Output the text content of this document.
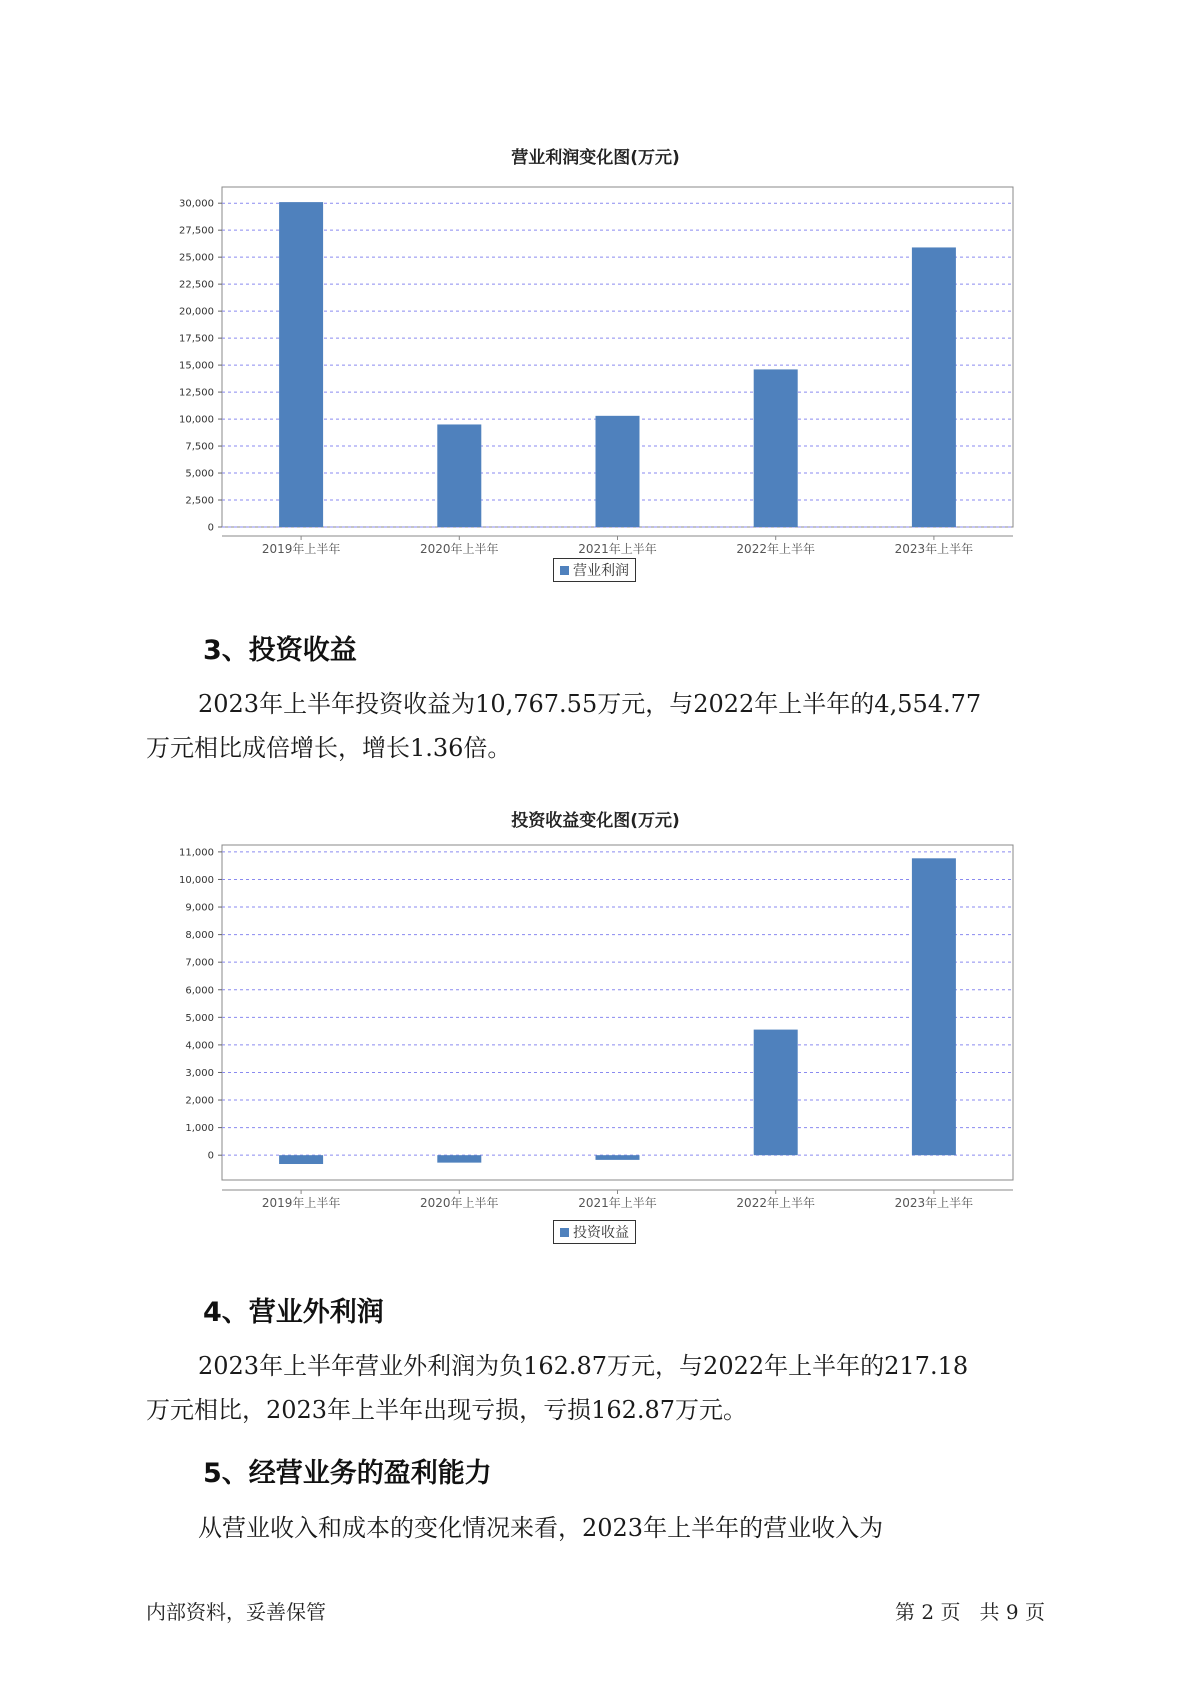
营业利润变化图(万元)
0
2,500
5,000
7,500
10,000
12,500
15,000
17,500
20,000
22,500
25,000
27,500
30,000
2019年上半年	2020年上半年	2021年上半年	2022年上半年	2023年上半年
营业利润
3、投资收益

2023年上半年投资收益为10,767.55万元，与2022年上半年的4,554.77
万元相比成倍增长，增长1.36倍。

投资收益变化图(万元)
0
1,000
2,000
3,000
4,000
5,000
6,000
7,000
8,000
9,000
10,000
11,000
2019年上半年	2020年上半年	2021年上半年	2022年上半年	2023年上半年
投资收益
4、营业外利润

2023年上半年营业外利润为负162.87万元，与2022年上半年的217.18
万元相比，2023年上半年出现亏损，亏损162.87万元。

5、经营业务的盈利能力

从营业收入和成本的变化情况来看，2023年上半年的营业收入为

内部资料，妥善保管	第 2 页   共 9 页
